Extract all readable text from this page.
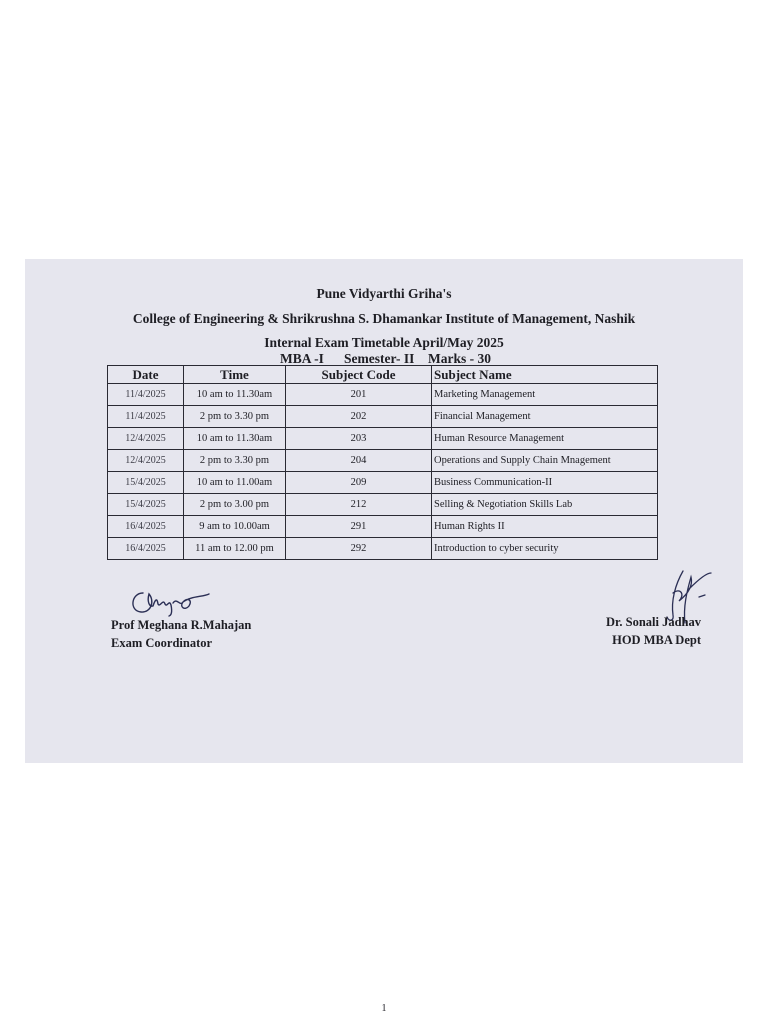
Pune Vidyarthi Griha's
College of Engineering & Shrikrushna S. Dhamankar Institute of Management, Nashik
Internal Exam Timetable April/May 2025
MBA -I Semester- II Marks - 30
Date	Time	Subject Code	Subject Name
11/4/2025	10 am to 11.30am	201	Marketing Management
11/4/2025	2 pm to 3.30 pm	202	Financial Management
12/4/2025	10 am to 11.30am	203	Human Resource Management
12/4/2025	2 pm to 3.30 pm	204	Operations and Supply Chain Mnagement
15/4/2025	10 am to 11.00am	209	Business Communication-II
15/4/2025	2 pm to 3.00 pm	212	Selling & Negotiation Skills Lab
16/4/2025	9 am to 10.00am	291	Human Rights II
16/4/2025	11 am to 12.00 pm	292	Introduction to cyber security
Prof Meghana R.Mahajan
Exam Coordinator
Dr. Sonali Jadhav
HOD MBA Dept
1
